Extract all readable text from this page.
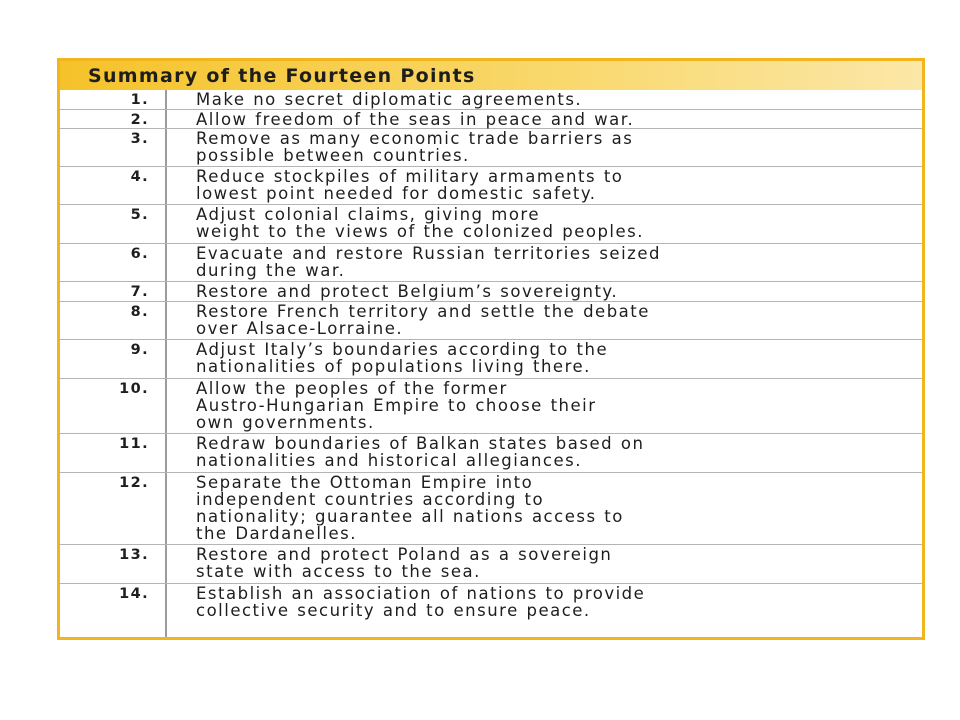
Summary of the Fourteen Points
1.	Make no secret diplomatic agreements.
2.	Allow freedom of the seas in peace and war.
3.	Remove as many economic trade barriers as
possible between countries.
4.	Reduce stockpiles of military armaments to
lowest point needed for domestic safety.
5.	Adjust colonial claims, giving more
weight to the views of the colonized peoples.
6.	Evacuate and restore Russian territories seized
during the war.
7.	Restore and protect Belgium’s sovereignty.
8.	Restore French territory and settle the debate
over Alsace-Lorraine.
9.	Adjust Italy’s boundaries according to the
nationalities of populations living there.
10.	Allow the peoples of the former
Austro-Hungarian Empire to choose their
own governments.
11.	Redraw boundaries of Balkan states based on
nationalities and historical allegiances.
12.	Separate the Ottoman Empire into
independent countries according to
nationality; guarantee all nations access to
the Dardanelles.
13.	Restore and protect Poland as a sovereign
state with access to the sea.
14.	Establish an association of nations to provide
collective security and to ensure peace.
